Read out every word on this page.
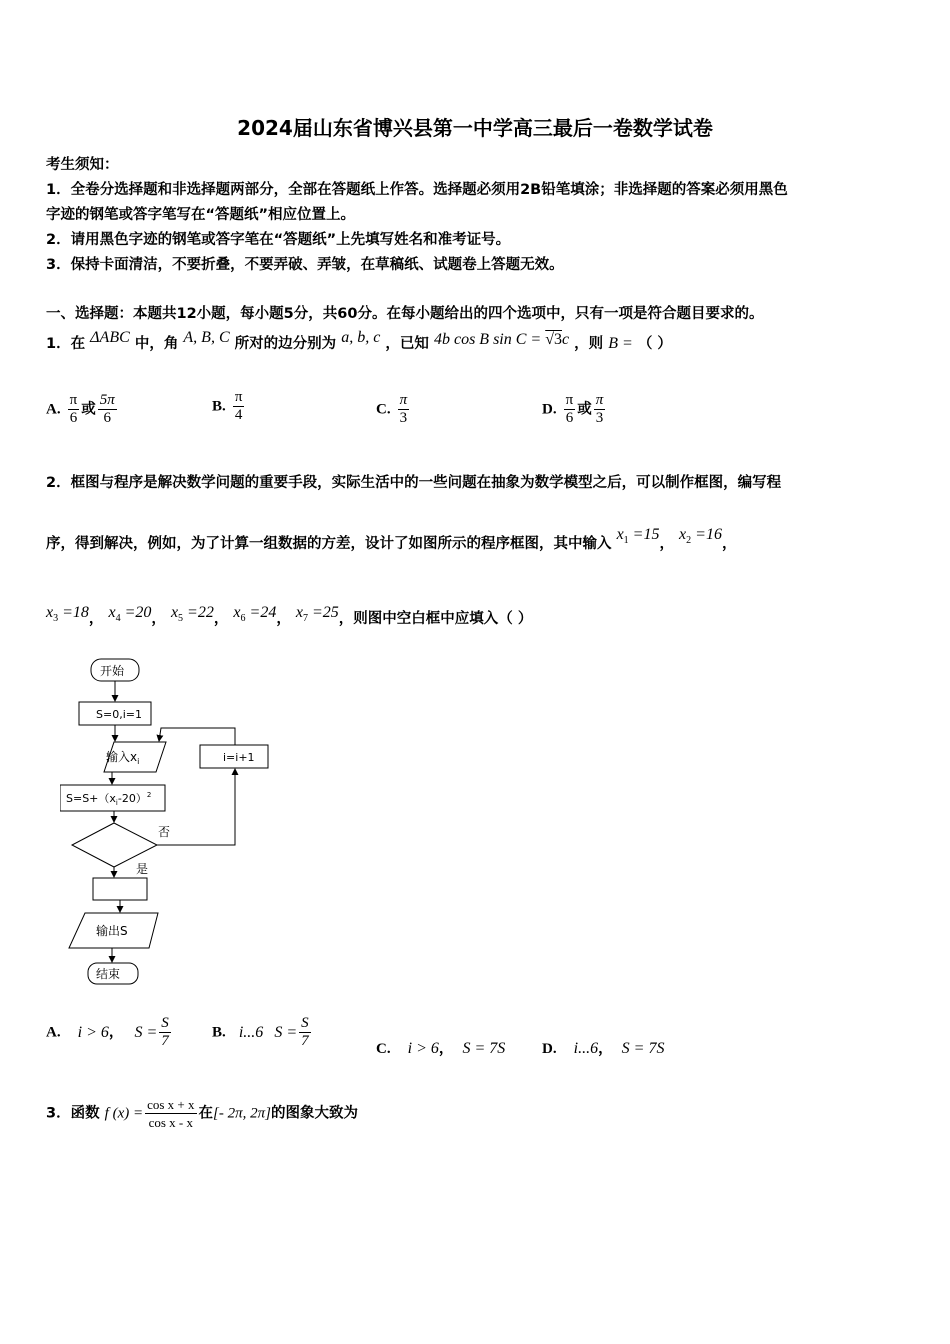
2024届山东省博兴县第一中学高三最后一卷数学试卷
考生须知：
1．全卷分选择题和非选择题两部分，全部在答题纸上作答。选择题必须用2B铅笔填涂；非选择题的答案必须用黑色
字迹的钢笔或答字笔写在“答题纸”相应位置上。
2．请用黑色字迹的钢笔或答字笔在“答题纸”上先填写姓名和准考证号。
3．保持卡面清洁，不要折叠，不要弄破、弄皱，在草稿纸、试题卷上答题无效。
一、选择题：本题共12小题，每小题5分，共60分。在每小题给出的四个选项中，只有一项是符合题目要求的。
1．在 ΔABC 中，角 A, B, C 所对的边分别为 a, b, c ，已知 4b cos B sin C = √3c ，则 B = （ ）
A. $\frac{\pi}{6}$ 或 $\frac{5\pi}{6}$	B. $\frac{\pi}{4}$	C. $\frac{\pi}{3}$	D. $\frac{\pi}{6}$ 或 $\frac{\pi}{3}$
2．框图与程序是解决数学问题的重要手段，实际生活中的一些问题在抽象为数学模型之后，可以制作框图，编写程
序，得到解决，例如，为了计算一组数据的方差，设计了如图所示的程序框图，其中输入 $x_1 =15$， $x_2 =16$，
$x_3 =18$， $x_4 =20$， $x_5 =22$， $x_6 =24$， $x_7 =25$，则图中空白框中应填入（ ）
开始
S=0,i=1
输入$x_i$	i=i+1
$S=S+(x_i-20)^2$
否
是
输出S
结束
A. i > 6， $S = \frac{S}{7}$	B. i...6 $S = \frac{S}{7}$	C. i > 6， S = 7S D. i...6， S = 7S
3．函数 f $(x) = \frac{\text{cos x + x}}{\text{cos x - x}}$ 在[- 2π, 2π]的图象大致为
